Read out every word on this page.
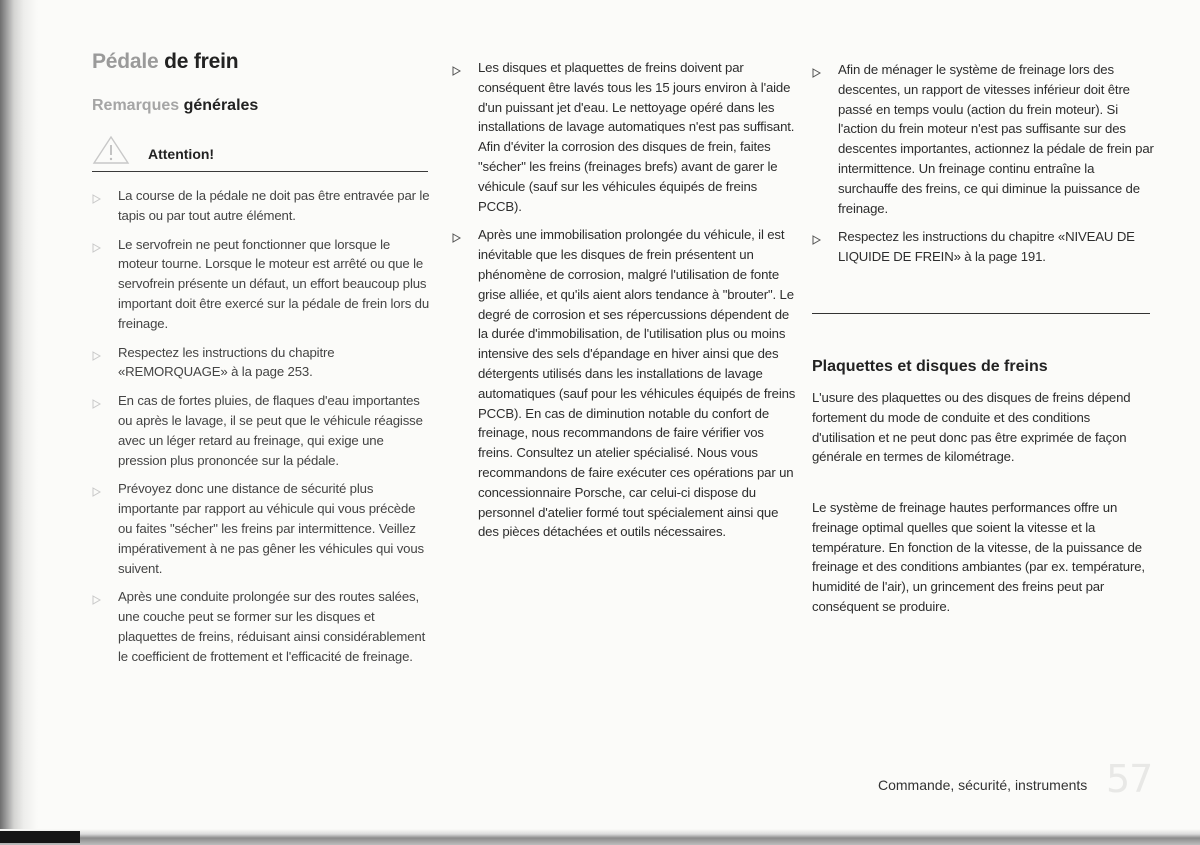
Pédale de frein
Remarques générales
Attention!

La course de la pédale ne doit pas être entravée par le tapis ou par tout autre élément.

Le servofrein ne peut fonctionner que lorsque le moteur tourne. Lorsque le moteur est arrêté ou que le servofrein présente un défaut, un effort beaucoup plus important doit être exercé sur la pédale de frein lors du freinage.

Respectez les instructions du chapitre «REMORQUAGE» à la page 253.

En cas de fortes pluies, de flaques d'eau importantes ou après le lavage, il se peut que le véhicule réagisse avec un léger retard au freinage, qui exige une pression plus prononcée sur la pédale.

Prévoyez donc une distance de sécurité plus importante par rapport au véhicule qui vous précède ou faites "sécher" les freins par intermittence. Veillez impérativement à ne pas gêner les véhicules qui vous suivent.

Après une conduite prolongée sur des routes salées, une couche peut se former sur les disques et plaquettes de freins, réduisant ainsi considérablement le coefficient de frottement et l'efficacité de freinage.

Les disques et plaquettes de freins doivent par conséquent être lavés tous les 15 jours environ à l'aide d'un puissant jet d'eau. Le nettoyage opéré dans les installations de lavage automatiques n'est pas suffisant. Afin d'éviter la corrosion des disques de frein, faites "sécher" les freins (freinages brefs) avant de garer le véhicule (sauf sur les véhicules équipés de freins PCCB).

Après une immobilisation prolongée du véhicule, il est inévitable que les disques de frein présentent un phénomène de corrosion, malgré l'utilisation de fonte grise alliée, et qu'ils aient alors tendance à "brouter". Le degré de corrosion et ses répercussions dépendent de la durée d'immobilisation, de l'utilisation plus ou moins intensive des sels d'épandage en hiver ainsi que des détergents utilisés dans les installations de lavage automatiques (sauf pour les véhicules équipés de freins PCCB). En cas de diminution notable du confort de freinage, nous recommandons de faire vérifier vos freins. Consultez un atelier spécialisé. Nous vous recommandons de faire exécuter ces opérations par un concessionnaire Porsche, car celui-ci dispose du personnel d'atelier formé tout spécialement ainsi que des pièces détachées et outils nécessaires.

Afin de ménager le système de freinage lors des descentes, un rapport de vitesses inférieur doit être passé en temps voulu (action du frein moteur). Si l'action du frein moteur n'est pas suffisante sur des descentes importantes, actionnez la pédale de frein par intermittence. Un freinage continu entraîne la surchauffe des freins, ce qui diminue la puissance de freinage.

Respectez les instructions du chapitre «NIVEAU DE LIQUIDE DE FREIN» à la page 191.

Plaquettes et disques de freins

L'usure des plaquettes ou des disques de freins dépend fortement du mode de conduite et des conditions d'utilisation et ne peut donc pas être exprimée de façon générale en termes de kilométrage.

Le système de freinage hautes performances offre un freinage optimal quelles que soient la vitesse et la température. En fonction de la vitesse, de la puissance de freinage et des conditions ambiantes (par ex. température, humidité de l'air), un grincement des freins peut par conséquent se produire.

Commande, sécurité, instruments 57
